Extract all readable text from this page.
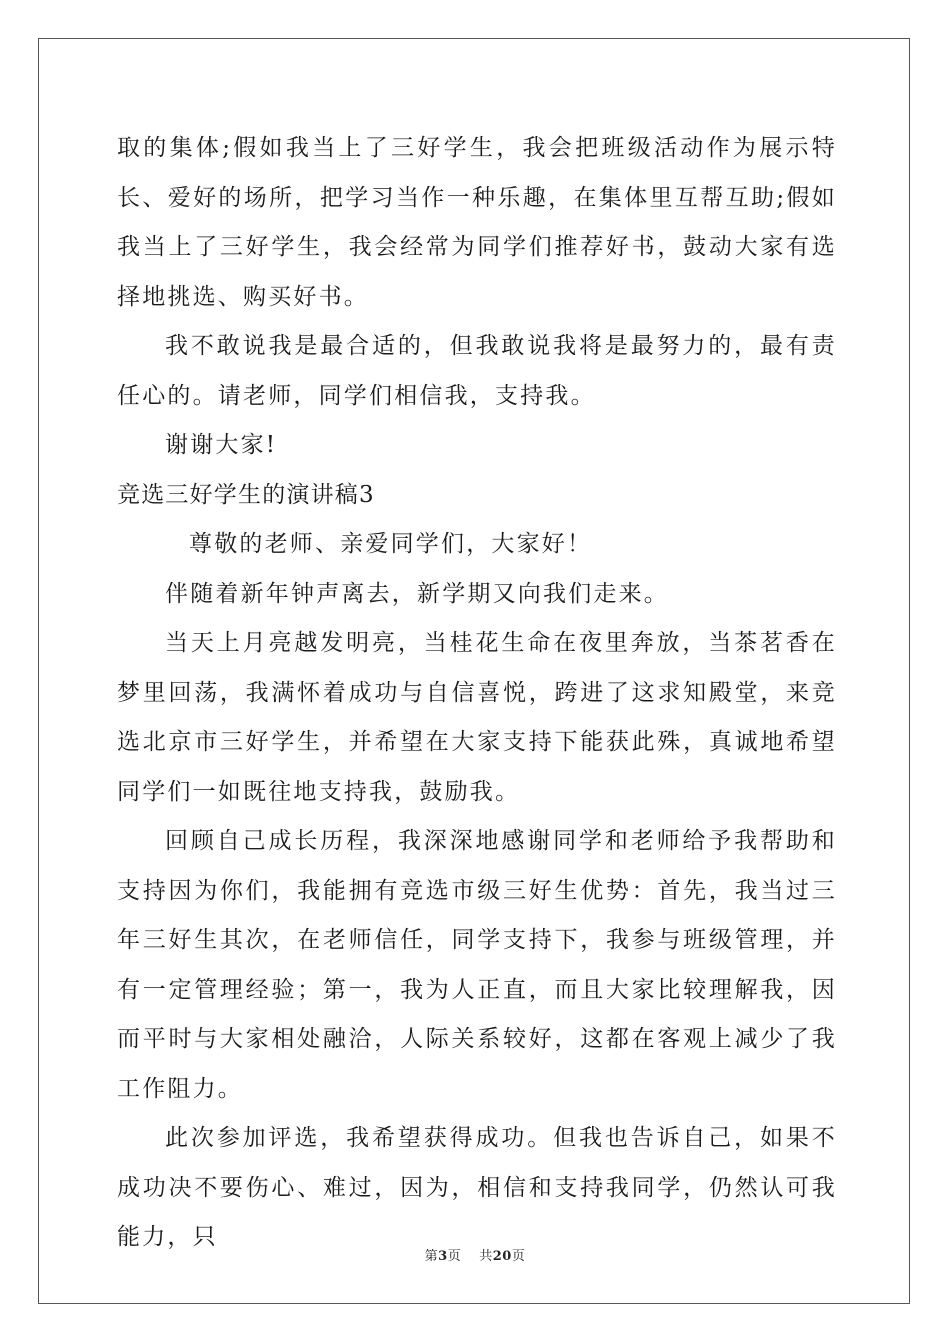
取的集体;假如我当上了三好学生，我会把班级活动作为展示特长、爱好的场所，把学习当作一种乐趣，在集体里互帮互助;假如我当上了三好学生，我会经常为同学们推荐好书，鼓动大家有选择地挑选、购买好书。

我不敢说我是最合适的，但我敢说我将是最努力的，最有责任心的。请老师，同学们相信我，支持我。

谢谢大家!

竞选三好学生的演讲稿3

尊敬的老师、亲爱同学们，大家好！

伴随着新年钟声离去，新学期又向我们走来。

当天上月亮越发明亮，当桂花生命在夜里奔放，当茶茗香在梦里回荡，我满怀着成功与自信喜悦，跨进了这求知殿堂，来竞选北京市三好学生，并希望在大家支持下能获此殊，真诚地希望同学们一如既往地支持我，鼓励我。

回顾自己成长历程，我深深地感谢同学和老师给予我帮助和支持因为你们，我能拥有竞选市级三好生优势：首先，我当过三年三好生其次，在老师信任，同学支持下，我参与班级管理，并有一定管理经验；第一，我为人正直，而且大家比较理解我，因而平时与大家相处融洽，人际关系较好，这都在客观上减少了我工作阻力。

此次参加评选，我希望获得成功。但我也告诉自己，如果不成功决不要伤心、难过，因为，相信和支持我同学，仍然认可我能力，只

第3页 共20页
